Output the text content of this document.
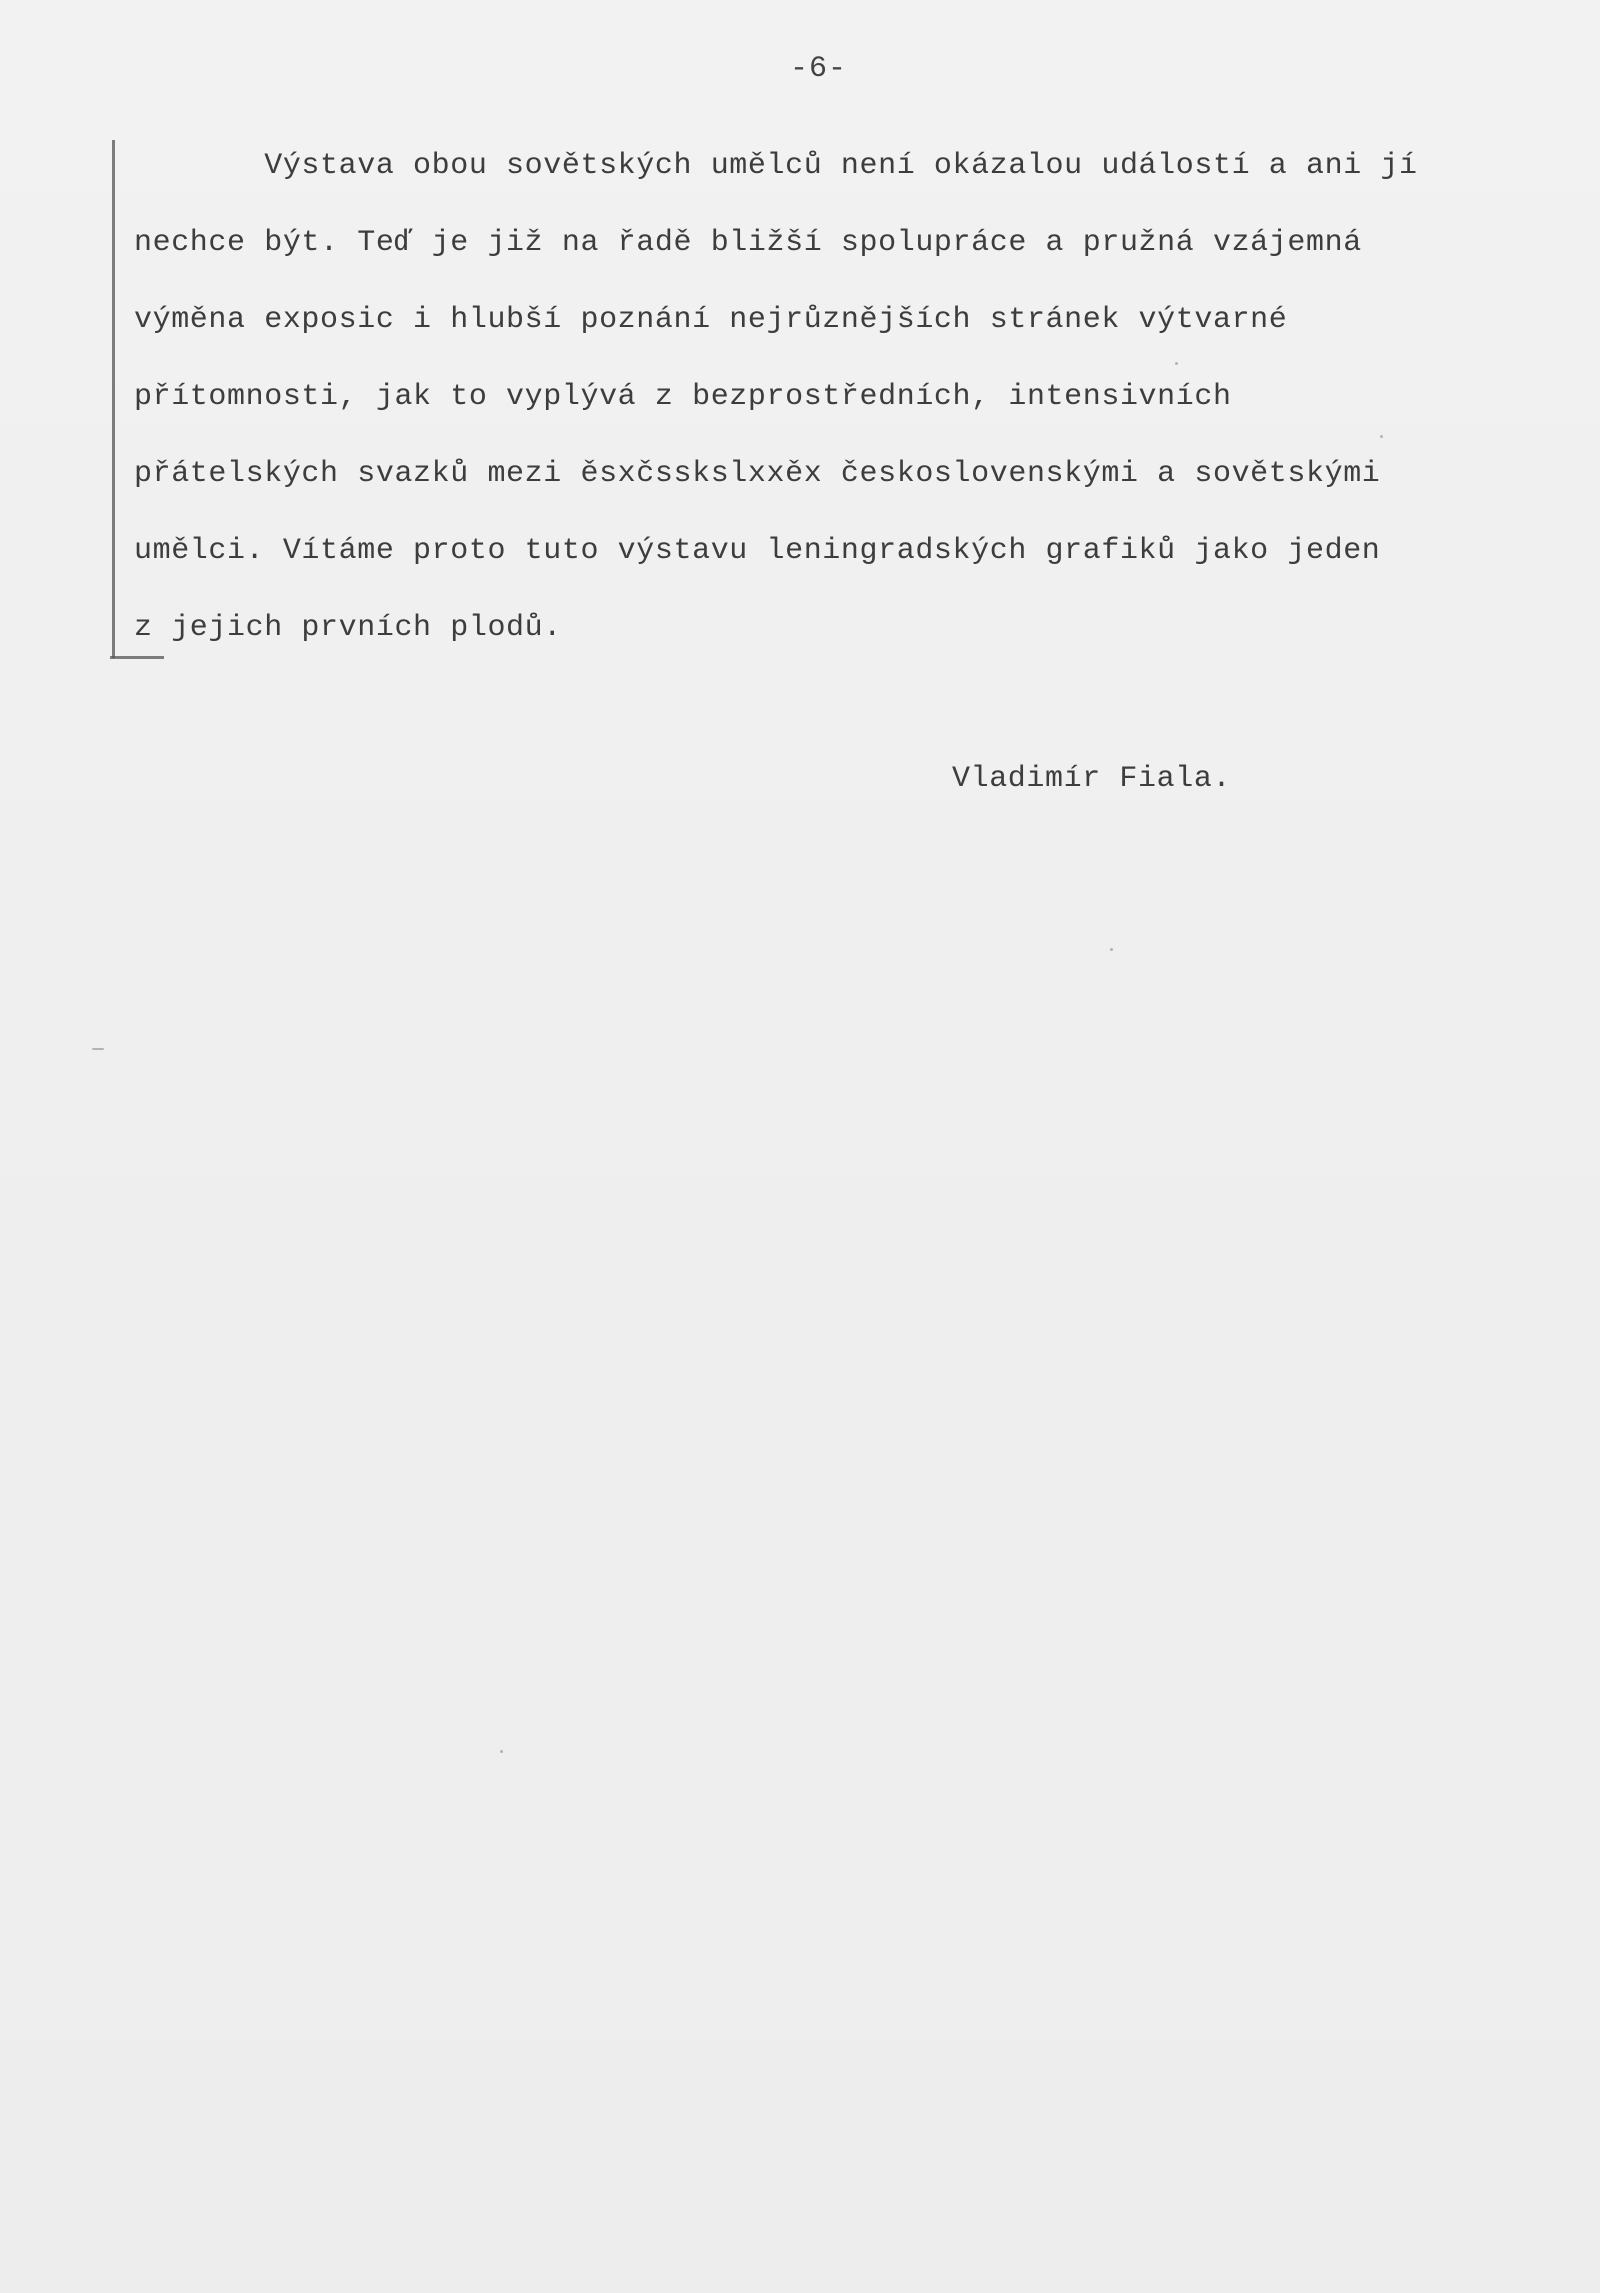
-6-
Výstava obou sovětských umělců není okázalou událostí a ani jí
nechce být. Teď je již na řadě bližší spolupráce a pružná vzájemná
výměna exposic i hlubší poznání nejrůznějších stránek výtvarné
přítomnosti, jak to vyplývá z bezprostředních, intensivních
přátelských svazků mezi ěsxčsskslxxěx československými a sovětskými
umělci. Vítáme proto tuto výstavu leningradských grafiků jako jeden
z jejich prvních plodů.
Vladimír Fiala.
